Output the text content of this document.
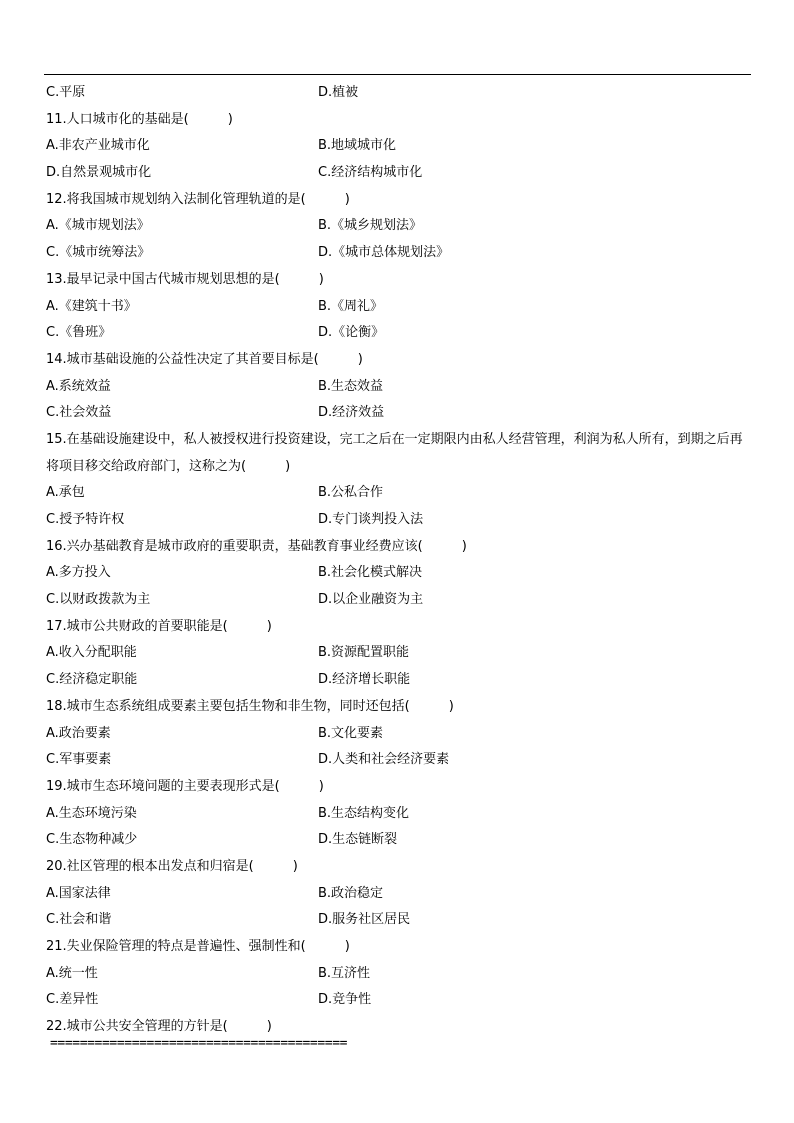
C.平原	D.植被
11.人口城市化的基础是(　　　)
A.非农产业城市化	B.地域城市化
D.自然景观城市化	C.经济结构城市化
12.将我国城市规划纳入法制化管理轨道的是(　　　)
A.《城市规划法》	B.《城乡规划法》
C.《城市统筹法》	D.《城市总体规划法》
13.最早记录中国古代城市规划思想的是(　　　)
A.《建筑十书》	B.《周礼》
C.《鲁班》	D.《论衡》
14.城市基础设施的公益性决定了其首要目标是(　　　)
A.系统效益	B.生态效益
C.社会效益	D.经济效益
15.在基础设施建设中，私人被授权进行投资建设，完工之后在一定期限内由私人经营管理，利润为私人所有，到期之后再将项目移交给政府部门，这称之为(　　　)
A.承包	B.公私合作
C.授予特许权	D.专门谈判投入法
16.兴办基础教育是城市政府的重要职责，基础教育事业经费应该(　　　)
A.多方投入	B.社会化模式解决
C.以财政拨款为主	D.以企业融资为主
17.城市公共财政的首要职能是(　　　)
A.收入分配职能	B.资源配置职能
C.经济稳定职能	D.经济增长职能
18.城市生态系统组成要素主要包括生物和非生物，同时还包括(　　　)
A.政治要素	B.文化要素
C.军事要素	D.人类和社会经济要素
19.城市生态环境问题的主要表现形式是(　　　)
A.生态环境污染	B.生态结构变化
C.生态物种减少	D.生态链断裂
20.社区管理的根本出发点和归宿是(　　　)
A.国家法律	B.政治稳定
C.社会和谐	D.服务社区居民
21.失业保险管理的特点是普遍性、强制性和(　　　)
A.统一性	B.互济性
C.差异性	D.竞争性
22.城市公共安全管理的方针是(　　　)
========================================
